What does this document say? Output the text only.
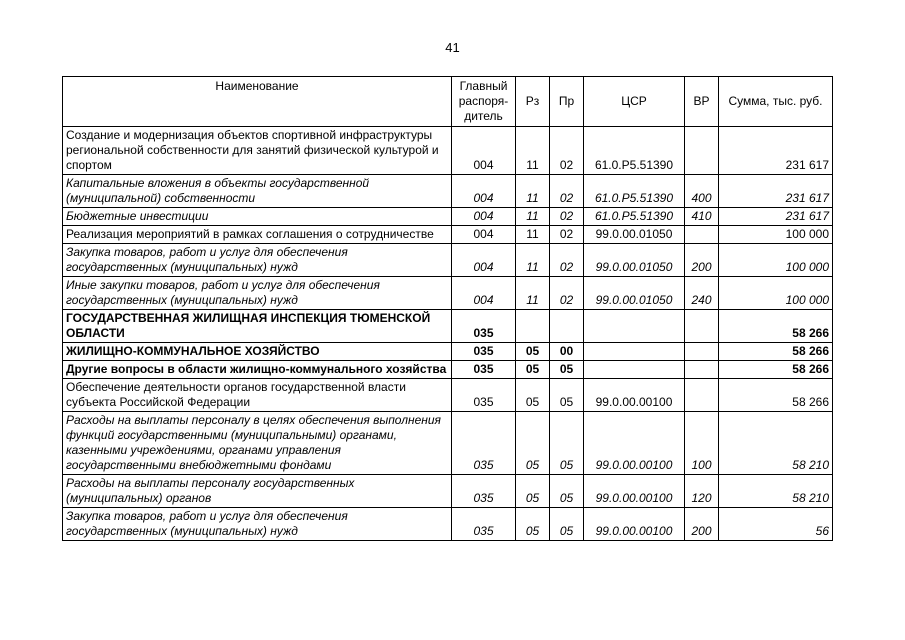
41
Наименование	Главный распоря-дитель	Рз	Пр	ЦСР	ВР	Сумма, тыс. руб.
Создание и модернизация объектов спортивной инфраструктуры региональной собственности для занятий физической культурой и спортом	004	11	02	61.0.P5.51390		231 617
Капитальные вложения в объекты государственной (муниципальной) собственности	004	11	02	61.0.P5.51390	400	231 617
Бюджетные инвестиции	004	11	02	61.0.P5.51390	410	231 617
Реализация мероприятий в рамках соглашения о сотрудничестве	004	11	02	99.0.00.01050		100 000
Закупка товаров, работ и услуг для обеспечения государственных (муниципальных) нужд	004	11	02	99.0.00.01050	200	100 000
Иные закупки товаров, работ и услуг для обеспечения государственных (муниципальных) нужд	004	11	02	99.0.00.01050	240	100 000
ГОСУДАРСТВЕННАЯ ЖИЛИЩНАЯ ИНСПЕКЦИЯ ТЮМЕНСКОЙ ОБЛАСТИ	035					58 266
ЖИЛИЩНО-КОММУНАЛЬНОЕ ХОЗЯЙСТВО	035	05	00			58 266
Другие вопросы в области жилищно-коммунального хозяйства	035	05	05			58 266
Обеспечение деятельности органов государственной власти субъекта Российской Федерации	035	05	05	99.0.00.00100		58 266
Расходы на выплаты персоналу в целях обеспечения выполнения функций государственными (муниципальными) органами, казенными учреждениями, органами управления государственными внебюджетными фондами	035	05	05	99.0.00.00100	100	58 210
Расходы на выплаты персоналу государственных (муниципальных) органов	035	05	05	99.0.00.00100	120	58 210
Закупка товаров, работ и услуг для обеспечения государственных (муниципальных) нужд	035	05	05	99.0.00.00100	200	56
